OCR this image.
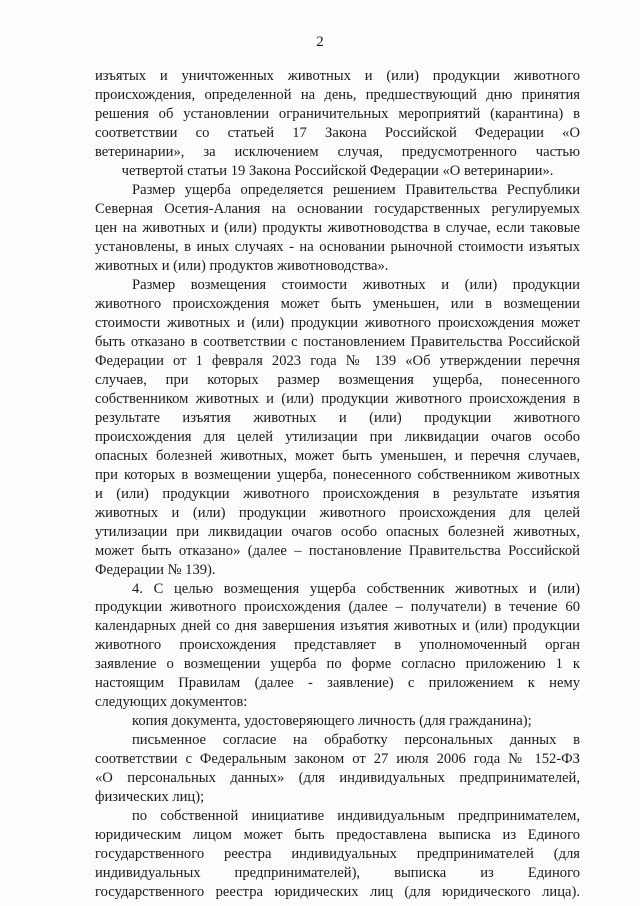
2
изъятых и уничтоженных животных и (или) продукции животного
происхождения, определенной на день, предшествующий дню принятия
решения об установлении ограничительных мероприятий (карантина) в
соответствии со статьей 17 Закона Российской Федерации «О
ветеринарии», за исключением случая, предусмотренного частью
четвертой статьи 19 Закона Российской Федерации «О ветеринарии».
Размер ущерба определяется решением Правительства Республики
Северная Осетия-Алания на основании государственных регулируемых
цен на животных и (или) продукты животноводства в случае, если таковые
установлены, в иных случаях - на основании рыночной стоимости изъятых
животных и (или) продуктов животноводства».
Размер возмещения стоимости животных и (или) продукции
животного происхождения может быть уменьшен, или в возмещении
стоимости животных и (или) продукции животного происхождения может
быть отказано в соответствии с постановлением Правительства Российской
Федерации от 1 февраля 2023 года № 139 «Об утверждении перечня
случаев, при которых размер возмещения ущерба, понесенного
собственником животных и (или) продукции животного происхождения в
результате изъятия животных и (или) продукции животного
происхождения для целей утилизации при ликвидации очагов особо
опасных болезней животных, может быть уменьшен, и перечня случаев,
при которых в возмещении ущерба, понесенного собственником животных
и (или) продукции животного происхождения в результате изъятия
животных и (или) продукции животного происхождения для целей
утилизации при ликвидации очагов особо опасных болезней животных,
может быть отказано» (далее – постановление Правительства Российской
Федерации № 139).
4. С целью возмещения ущерба собственник животных и (или)
продукции животного происхождения (далее – получатели) в течение 60
календарных дней со дня завершения изъятия животных и (или) продукции
животного происхождения представляет в уполномоченный орган
заявление о возмещении ущерба по форме согласно приложению 1 к
настоящим Правилам (далее - заявление) с приложением к нему
следующих документов:
копия документа, удостоверяющего личность (для гражданина);
письменное согласие на обработку персональных данных в
соответствии с Федеральным законом от 27 июля 2006 года № 152-ФЗ
«О персональных данных» (для индивидуальных предпринимателей,
физических лиц);
по собственной инициативе индивидуальным предпринимателем,
юридическим лицом может быть предоставлена выписка из Единого
государственного реестра индивидуальных предпринимателей (для
индивидуальных предпринимателей), выписка из Единого
государственного реестра юридических лиц (для юридического лица).
